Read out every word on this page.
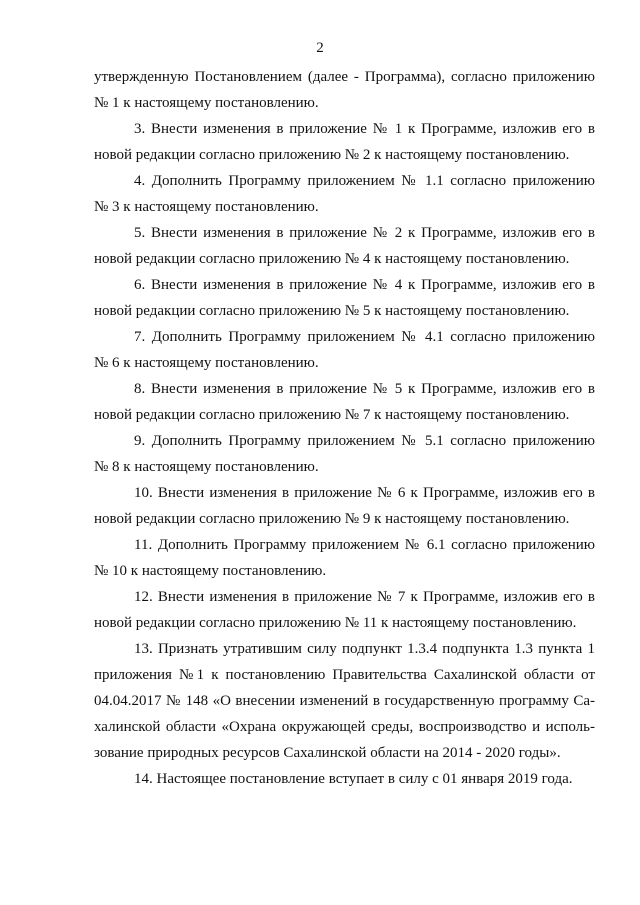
2
утвержденную Постановлением (далее - Программа), согласно приложению
№ 1 к настоящему постановлению.
3. Внести изменения в приложение № 1 к Программе, изложив его в
новой редакции согласно приложению № 2 к настоящему постановлению.
4. Дополнить Программу приложением № 1.1 согласно приложению
№ 3 к настоящему постановлению.
5. Внести изменения в приложение № 2 к Программе, изложив его в
новой редакции согласно приложению № 4 к настоящему постановлению.
6. Внести изменения в приложение № 4 к Программе, изложив его в
новой редакции согласно приложению № 5 к настоящему постановлению.
7. Дополнить Программу приложением № 4.1 согласно приложению
№ 6 к настоящему постановлению.
8. Внести изменения в приложение № 5 к Программе, изложив его в
новой редакции согласно приложению № 7 к настоящему постановлению.
9. Дополнить Программу приложением № 5.1 согласно приложению
№ 8 к настоящему постановлению.
10. Внести изменения в приложение № 6 к Программе, изложив его в
новой редакции согласно приложению № 9 к настоящему постановлению.
11. Дополнить Программу приложением № 6.1 согласно приложению
№ 10 к настоящему постановлению.
12. Внести изменения в приложение № 7 к Программе, изложив его в
новой редакции согласно приложению № 11 к настоящему постановлению.
13. Признать утратившим силу подпункт 1.3.4 подпункта 1.3 пункта 1
приложения №1 к постановлению Правительства Сахалинской области от
04.04.2017 № 148 «О внесении изменений в государственную программу Са-
халинской области «Охрана окружающей среды, воспроизводство и исполь-
зование природных ресурсов Сахалинской области на 2014 - 2020 годы».
14. Настоящее постановление вступает в силу с 01 января 2019 года.
